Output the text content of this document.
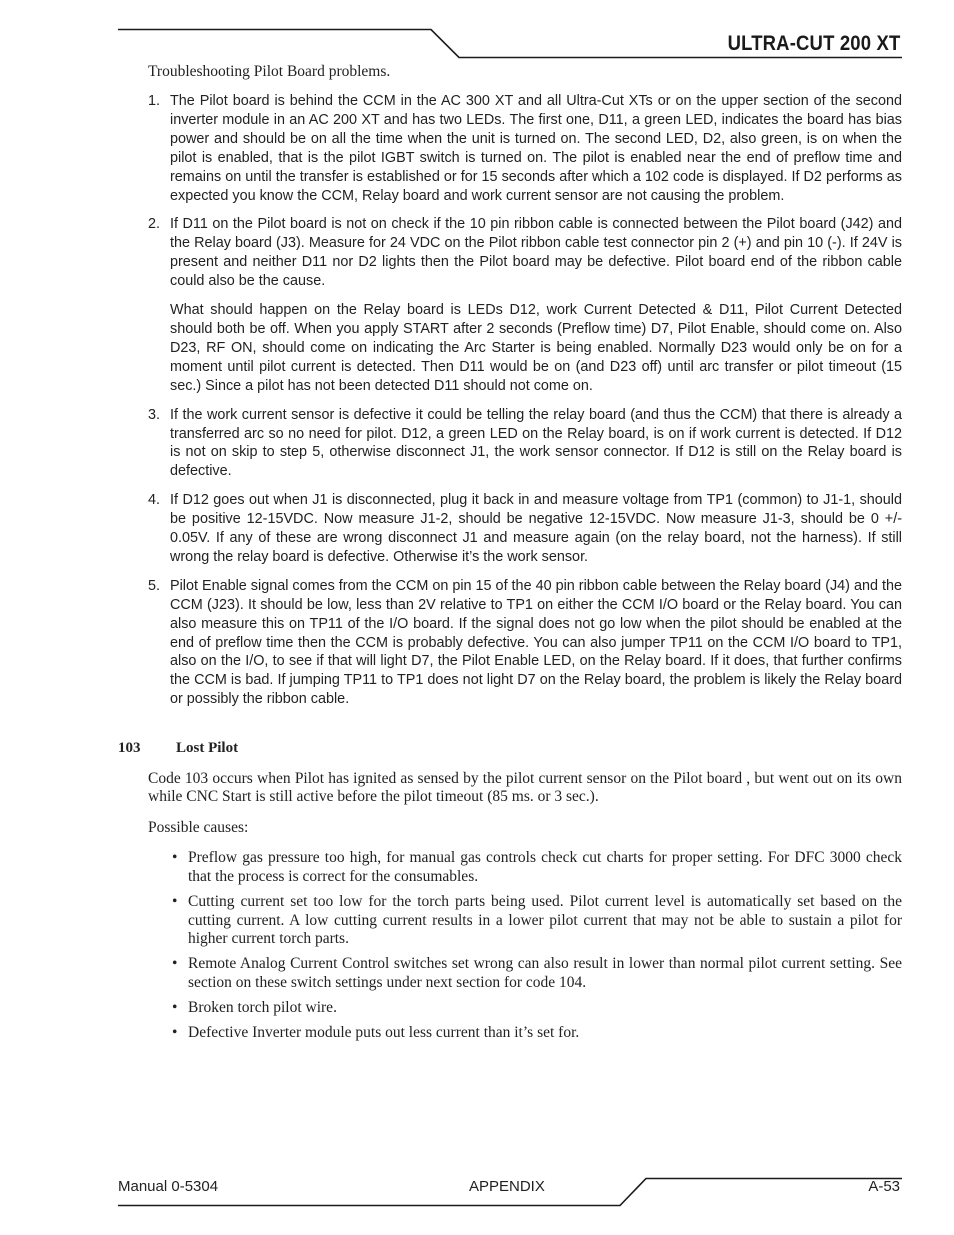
ULTRA-CUT 200 XT
Troubleshooting Pilot Board problems.
1. The Pilot board is behind the CCM in the AC 300 XT and all Ultra-Cut XTs or on the upper section of the second inverter module in an AC 200 XT and has two LEDs. The first one, D11, a green LED, indicates the board has bias power and should be on all the time when the unit is turned on. The second LED, D2, also green, is on when the pilot is enabled, that is the pilot IGBT switch is turned on. The pilot is enabled near the end of preflow time and remains on until the transfer is established or for 15 seconds after which a 102 code is displayed. If D2 performs as expected you know the CCM, Relay board and work current sensor are not causing the problem.
2. If D11 on the Pilot board is not on check if the 10 pin ribbon cable is connected between the Pilot board (J42) and the Relay board (J3). Measure for 24 VDC on the Pilot ribbon cable test connector pin 2 (+) and pin 10 (-). If 24V is present and neither D11 nor D2 lights then the Pilot board may be defective. Pilot board end of the ribbon cable could also be the cause.
What should happen on the Relay board is LEDs D12, work Current Detected & D11, Pilot Current Detected should both be off. When you apply START after 2 seconds (Preflow time) D7, Pilot Enable, should come on. Also D23, RF ON, should come on indicating the Arc Starter is being enabled. Normally D23 would only be on for a moment until pilot current is detected. Then D11 would be on (and D23 off) until arc transfer or pilot timeout (15 sec.) Since a pilot has not been detected D11 should not come on.
3. If the work current sensor is defective it could be telling the relay board (and thus the CCM) that there is already a transferred arc so no need for pilot. D12, a green LED on the Relay board, is on if work current is detected. If D12 is not on skip to step 5, otherwise disconnect J1, the work sensor connector. If D12 is still on the Relay board is defective.
4. If D12 goes out when J1 is disconnected, plug it back in and measure voltage from TP1 (common) to J1-1, should be positive 12-15VDC. Now measure J1-2, should be negative 12-15VDC. Now measure J1-3, should be 0 +/- 0.05V. If any of these are wrong disconnect J1 and measure again (on the relay board, not the harness). If still wrong the relay board is defective. Otherwise it’s the work sensor.
5. Pilot Enable signal comes from the CCM on pin 15 of the 40 pin ribbon cable between the Relay board (J4) and the CCM (J23). It should be low, less than 2V relative to TP1 on either the CCM I/O board or the Relay board. You can also measure this on TP11 of the I/O board. If the signal does not go low when the pilot should be enabled at the end of preflow time then the CCM is probably defective. You can also jumper TP11 on the CCM I/O board to TP1, also on the I/O, to see if that will light D7, the Pilot Enable LED, on the Relay board. If it does, that further confirms the CCM is bad. If jumping TP11 to TP1 does not light D7 on the Relay board, the problem is likely the Relay board or possibly the ribbon cable.
103 Lost Pilot
Code 103 occurs when Pilot has ignited as sensed by the pilot current sensor on the Pilot board , but went out on its own while CNC Start is still active before the pilot timeout (85 ms. or 3 sec.).
Possible causes:
• Preflow gas pressure too high, for manual gas controls check cut charts for proper setting. For DFC 3000 check that the process is correct for the consumables.
• Cutting current set too low for the torch parts being used. Pilot current level is automatically set based on the cutting current. A low cutting current results in a lower pilot current that may not be able to sustain a pilot for higher current torch parts.
• Remote Analog Current Control switches set wrong can also result in lower than normal pilot current setting. See section on these switch settings under next section for code 104.
• Broken torch pilot wire.
• Defective Inverter module puts out less current than it’s set for.
Manual 0-5304	APPENDIX	A-53
